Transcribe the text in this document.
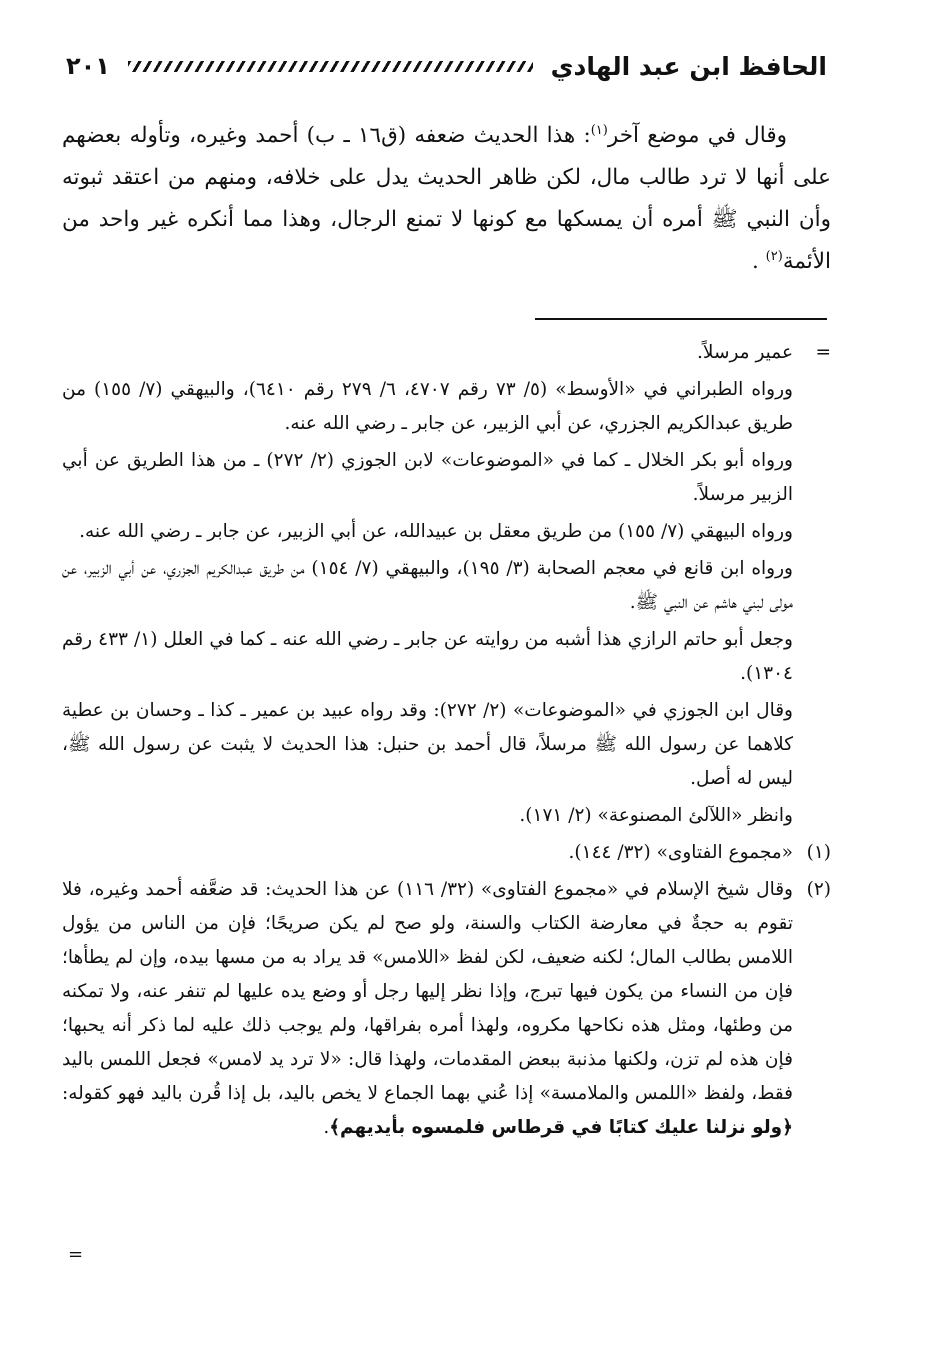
الحافظ ابن عبد الهادي
٢٠١

وقال في موضع آخر$^{(١)}$: هذا الحديث ضعفه (ق١٦ ـ ب) أحمد وغيره، وتأوله بعضهم على أنها لا ترد طالب مال، لكن ظاهر الحديث يدل على خلافه، ومنهم من اعتقد ثبوته وأن النبي ﷺ أمره أن يمسكها مع كونها لا تمنع الرجال، وهذا مما أنكره غير واحد من الأئمة$^{(٢)}$ .

=

عمير مرسلاً.

ورواه الطبراني في «الأوسط» (٥/ ٧٣ رقم ٤٧٠٧، ٦/ ٢٧٩ رقم ٦٤١٠)، والبيهقي (٧/ ١٥٥) من طريق عبدالكريم الجزري، عن أبي الزبير، عن جابر ـ رضي الله عنه.

ورواه أبو بكر الخلال ـ كما في «الموضوعات» لابن الجوزي (٢/ ٢٧٢) ـ من هذا الطريق عن أبي الزبير مرسلاً.

ورواه البيهقي (٧/ ١٥٥) من طريق معقل بن عبيدالله، عن أبي الزبير، عن جابر ـ رضي الله عنه.

ورواه ابن قانع في معجم الصحابة (٣/ ١٩٥)، والبيهقي (٧/ ١٥٤) من طريق عبدالكريم الجزري، عن أبي الزبير، عن مولى لبني هاشم عن النبي ﷺ.

وجعل أبو حاتم الرازي هذا أشبه من روايته عن جابر ـ رضي الله عنه ـ كما في العلل (١/ ٤٣٣ رقم ١٣٠٤).

وقال ابن الجوزي في «الموضوعات» (٢/ ٢٧٢): وقد رواه عبيد بن عمير ـ كذا ـ وحسان بن عطية كلاهما عن رسول الله ﷺ مرسلاً، قال أحمد بن حنبل: هذا الحديث لا يثبت عن رسول الله ﷺ، ليس له أصل.

وانظر «اللآلئ المصنوعة» (٢/ ١٧١).

(١)

«مجموع الفتاوى» (٣٢/ ١٤٤).

(٢)

وقال شيخ الإسلام في «مجموع الفتاوى» (٣٢/ ١١٦) عن هذا الحديث: قد ضعَّفه أحمد وغيره، فلا تقوم به حجةٌ في معارضة الكتاب والسنة، ولو صح لم يكن صريحًا؛ فإن من الناس من يؤول اللامس بطالب المال؛ لكنه ضعيف، لكن لفظ «اللامس» قد يراد به من مسها بيده، وإن لم يطأها؛ فإن من النساء من يكون فيها تبرج، وإذا نظر إليها رجل أو وضع يده عليها لم تنفر عنه، ولا تمكنه من وطئها، ومثل هذه نكاحها مكروه، ولهذا أمره بفراقها، ولم يوجب ذلك عليه لما ذكر أنه يحبها؛ فإن هذه لم تزن، ولكنها مذنبة ببعض المقدمات، ولهذا قال: «لا ترد يد لامس» فجعل اللمس باليد فقط، ولفظ «اللمس والملامسة» إذا عُني بهما الجماع لا يخص باليد، بل إذا قُرن باليد فهو كقوله: ﴿ولو نزلنا عليك كتابًا في قرطاس فلمسوه بأيديهم﴾.

=
